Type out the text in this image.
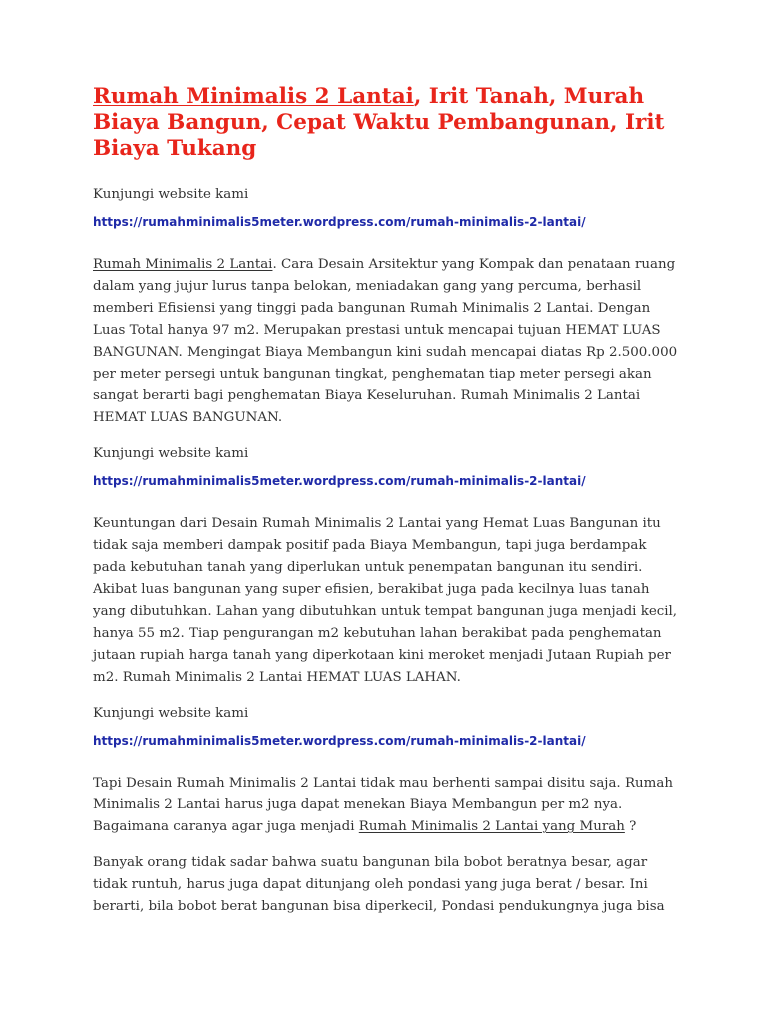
Rumah Minimalis 2 Lantai, Irit Tanah, Murah Biaya Bangun, Cepat Waktu Pembangunan, Irit Biaya Tukang
Kunjungi website kami
https://rumahminimalis5meter.wordpress.com/rumah-minimalis-2-lantai/

Rumah Minimalis 2 Lantai. Cara Desain Arsitektur yang Kompak dan penataan ruang dalam yang jujur lurus tanpa belokan, meniadakan gang yang percuma, berhasil memberi Efisiensi yang tinggi pada bangunan Rumah Minimalis 2 Lantai. Dengan Luas Total hanya 97 m2. Merupakan prestasi untuk mencapai tujuan HEMAT LUAS BANGUNAN. Mengingat Biaya Membangun kini sudah mencapai diatas Rp 2.500.000 per meter persegi untuk bangunan tingkat, penghematan tiap meter persegi akan sangat berarti bagi penghematan Biaya Keseluruhan. Rumah Minimalis 2 Lantai HEMAT LUAS BANGUNAN.

Kunjungi website kami
https://rumahminimalis5meter.wordpress.com/rumah-minimalis-2-lantai/

Keuntungan dari Desain Rumah Minimalis 2 Lantai yang Hemat Luas Bangunan itu tidak saja memberi dampak positif pada Biaya Membangun, tapi juga berdampak pada kebutuhan tanah yang diperlukan untuk penempatan bangunan itu sendiri. Akibat luas bangunan yang super efisien, berakibat juga pada kecilnya luas tanah yang dibutuhkan. Lahan yang dibutuhkan untuk tempat bangunan juga menjadi kecil, hanya 55 m2. Tiap pengurangan m2 kebutuhan lahan berakibat pada penghematan jutaan rupiah harga tanah yang diperkotaan kini meroket menjadi Jutaan Rupiah per m2. Rumah Minimalis 2 Lantai HEMAT LUAS LAHAN.

Kunjungi website kami
https://rumahminimalis5meter.wordpress.com/rumah-minimalis-2-lantai/

Tapi Desain Rumah Minimalis 2 Lantai tidak mau berhenti sampai disitu saja. Rumah Minimalis 2 Lantai harus juga dapat menekan Biaya Membangun per m2 nya. Bagaimana caranya agar juga menjadi Rumah Minimalis 2 Lantai yang Murah ?

Banyak orang tidak sadar bahwa suatu bangunan bila bobot beratnya besar, agar tidak runtuh, harus juga dapat ditunjang oleh pondasi yang juga berat / besar. Ini berarti, bila bobot berat bangunan bisa diperkecil, Pondasi pendukungnya juga bisa
